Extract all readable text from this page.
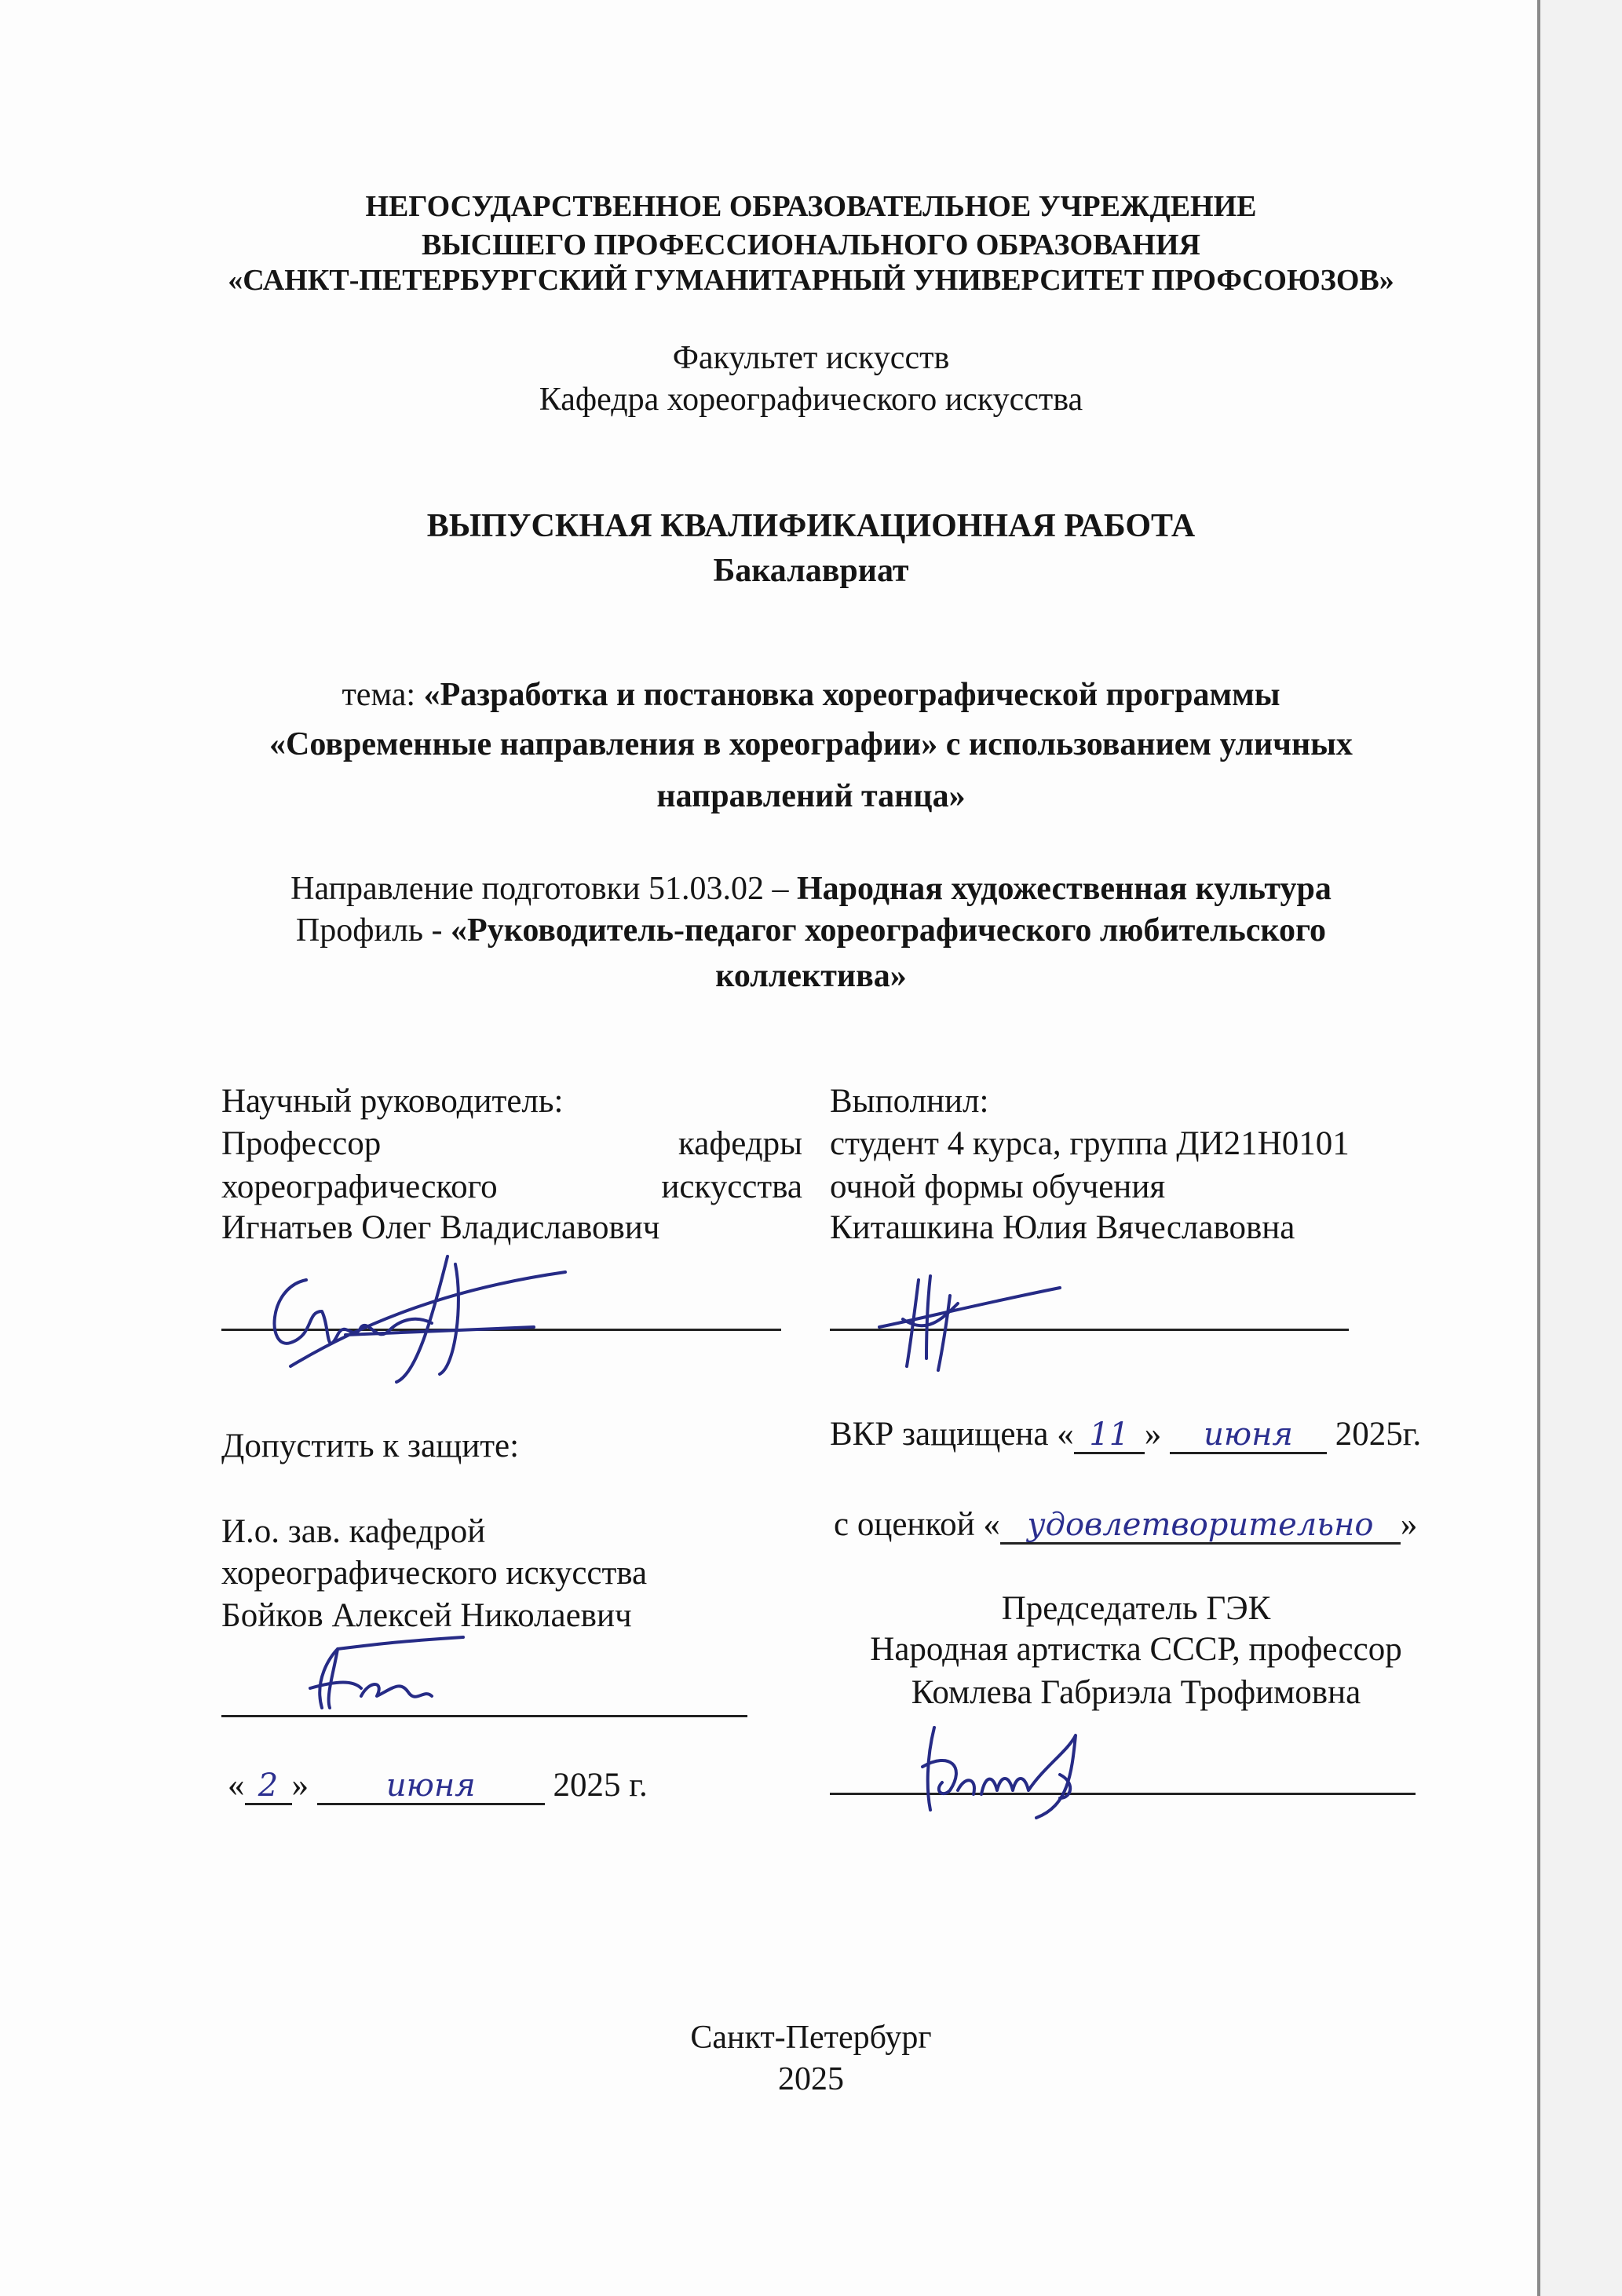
НЕГОСУДАРСТВЕННОЕ ОБРАЗОВАТЕЛЬНОЕ УЧРЕЖДЕНИЕ
ВЫСШЕГО ПРОФЕССИОНАЛЬНОГО ОБРАЗОВАНИЯ
«САНКТ-ПЕТЕРБУРГСКИЙ ГУМАНИТАРНЫЙ УНИВЕРСИТЕТ ПРОФСОЮЗОВ»
Факультет искусств
Кафедра хореографического искусства
ВЫПУСКНАЯ КВАЛИФИКАЦИОННАЯ РАБОТА
Бакалавриат
тема: «Разработка и постановка хореографической программы
«Современные направления в хореографии» с использованием уличных
направлений танца»
Направление подготовки 51.03.02 – Народная художественная культура
Профиль - «Руководитель-педагог хореографического любительского
коллектива»
Научный руководитель:
Профессор	кафедры
хореографического	искусства
Игнатьев Олег Владиславович
Выполнил:
студент 4 курса, группа ДИ21Н0101
очной формы обучения
Киташкина Юлия Вячеславовна
Допустить к защите:
И.о. зав. кафедрой
хореографического искусства
Бойков Алексей Николаевич
« 2 » июня 2025 г.
ВКР защищена « 11 » июня 2025г.
с оценкой « удовлетворительно »
Председатель ГЭК
Народная артистка СССР, профессор
Комлева Габриэла Трофимовна
Санкт-Петербург
2025
